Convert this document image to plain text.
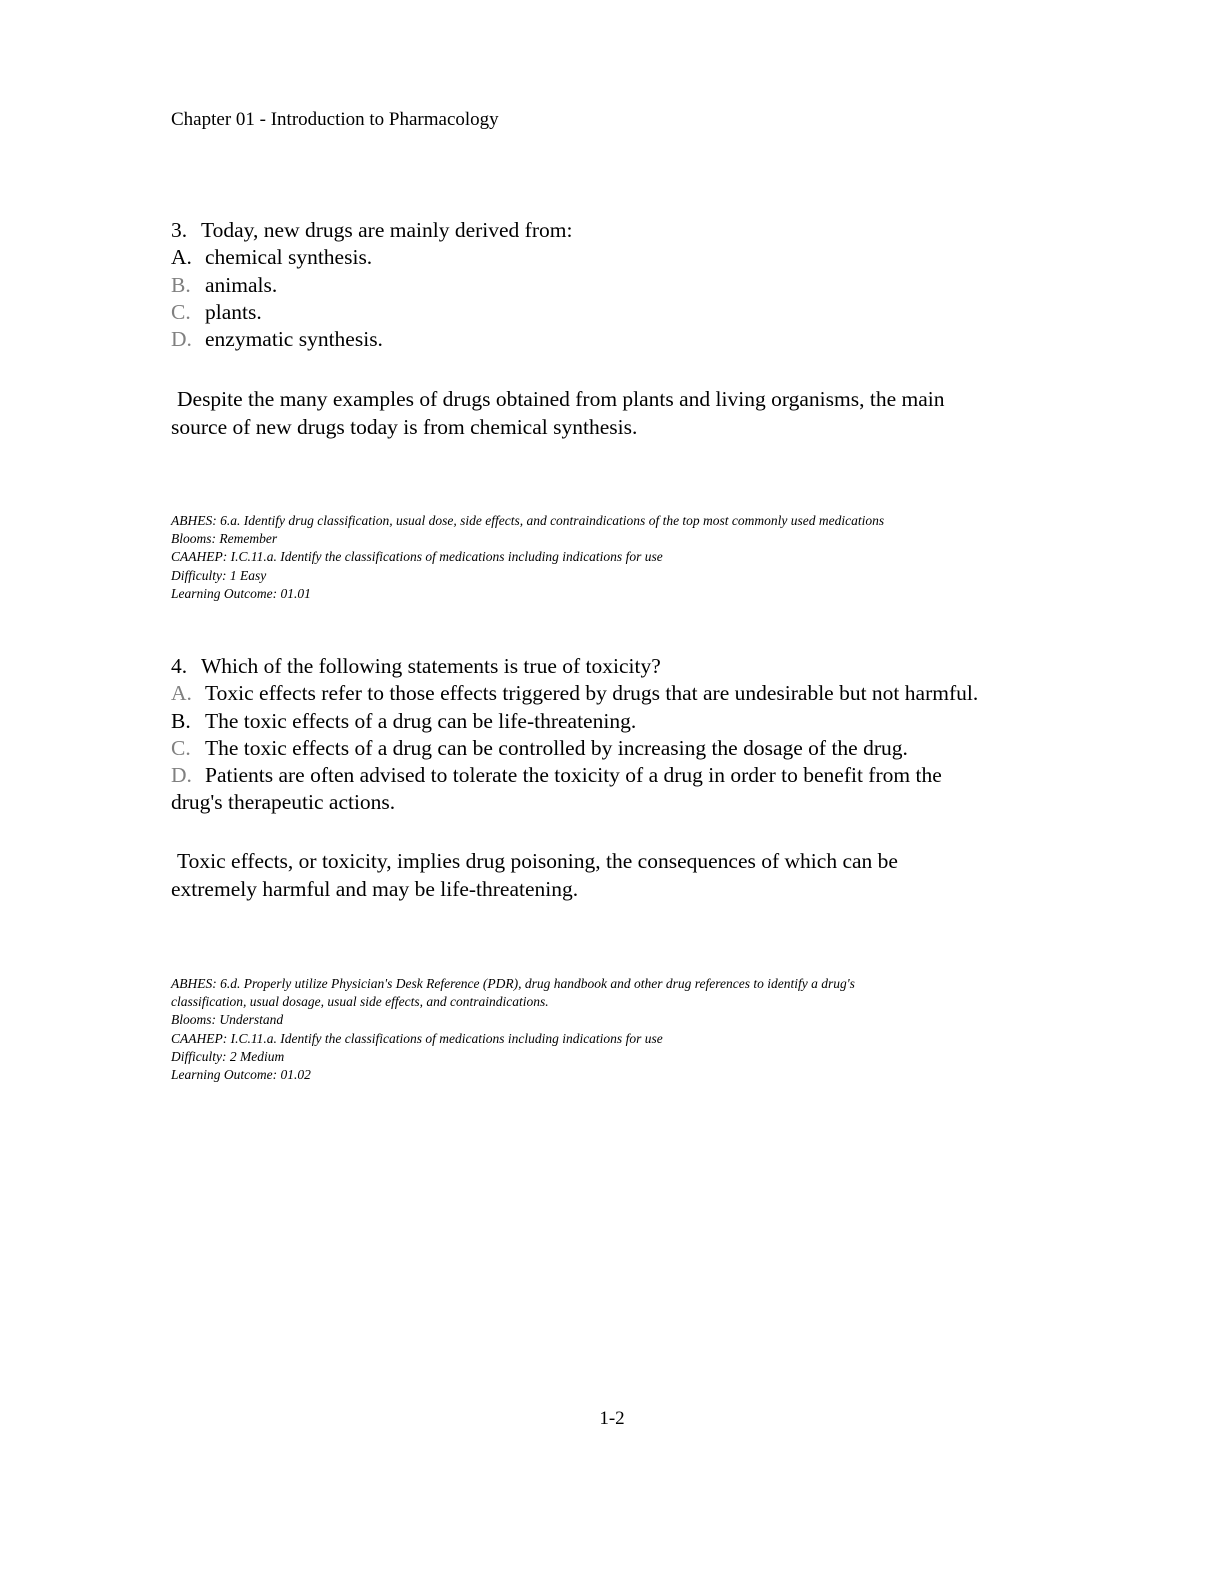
Chapter 01 - Introduction to Pharmacology
3. Today, new drugs are mainly derived from:
A. chemical synthesis.
B. animals.
C. plants.
D. enzymatic synthesis.
Despite the many examples of drugs obtained from plants and living organisms, the main
source of new drugs today is from chemical synthesis.
ABHES: 6.a. Identify drug classification, usual dose, side effects, and contraindications of the top most commonly used medications
Blooms: Remember
CAAHEP: I.C.11.a. Identify the classifications of medications including indications for use
Difficulty: 1 Easy
Learning Outcome: 01.01
4. Which of the following statements is true of toxicity?
A. Toxic effects refer to those effects triggered by drugs that are undesirable but not harmful.
B. The toxic effects of a drug can be life-threatening.
C. The toxic effects of a drug can be controlled by increasing the dosage of the drug.
D. Patients are often advised to tolerate the toxicity of a drug in order to benefit from the
drug's therapeutic actions.
Toxic effects, or toxicity, implies drug poisoning, the consequences of which can be
extremely harmful and may be life-threatening.
ABHES: 6.d. Properly utilize Physician's Desk Reference (PDR), drug handbook and other drug references to identify a drug's
classification, usual dosage, usual side effects, and contraindications.
Blooms: Understand
CAAHEP: I.C.11.a. Identify the classifications of medications including indications for use
Difficulty: 2 Medium
Learning Outcome: 01.02
1-2
